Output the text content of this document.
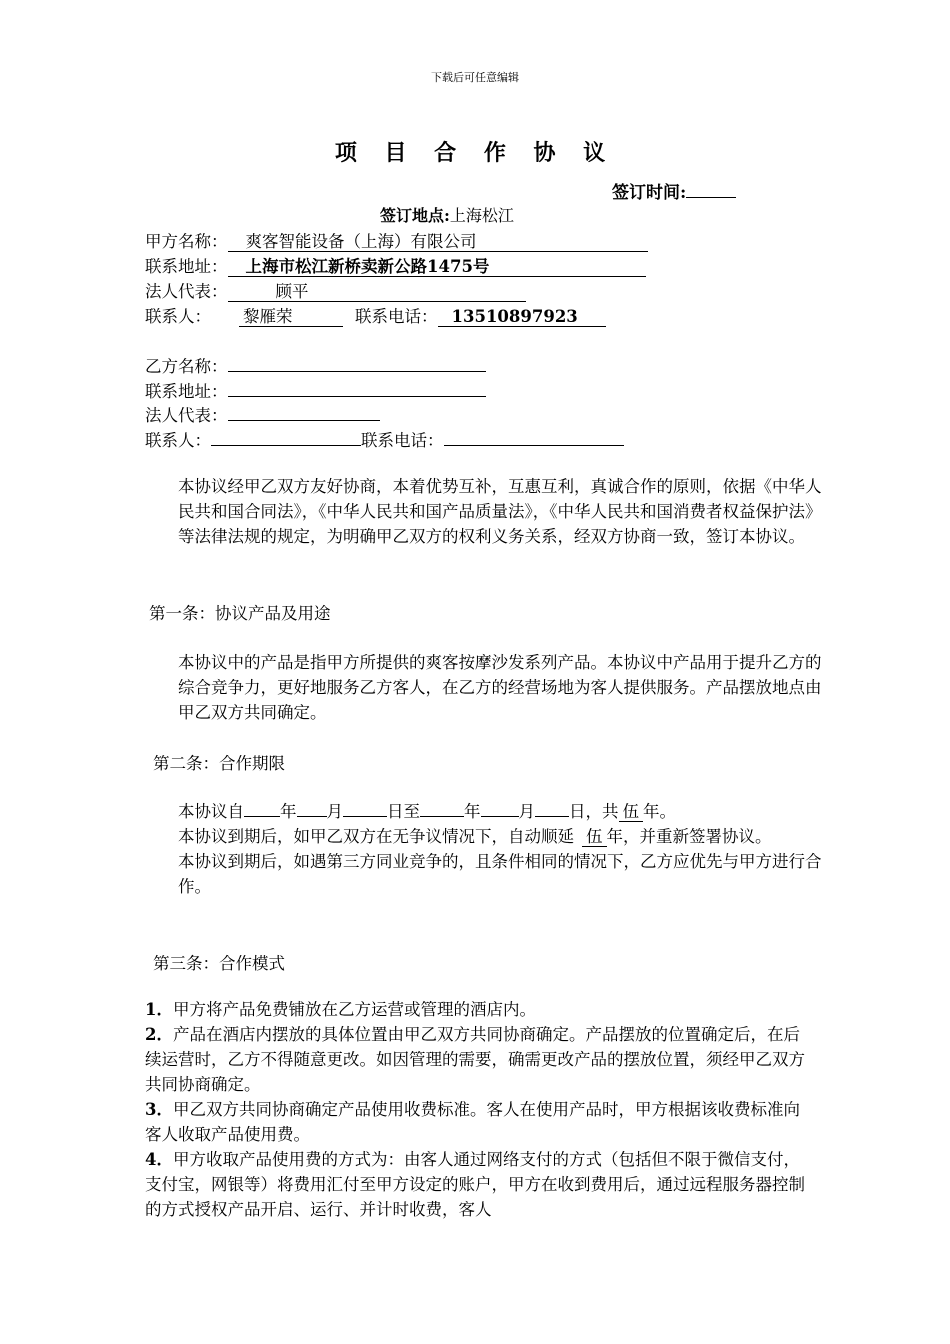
下载后可任意编辑
项 目 合 作 协 议
签订时间:
签订地点:上海松江
甲方名称： 爽客智能设备（上海）有限公司
联系地址： 上海市松江新桥卖新公路1475号
法人代表：	顾平
联系人： 黎雁荣	联系电话： 13510897923
乙方名称：
联系地址：
法人代表：
联系人：	联系电话：
本协议经甲乙双方友好协商，本着优势互补，互惠互利，真诚合作的原则，依据《中华人民共和国合同法》，《中华人民共和国产品质量法》，《中华人民共和国消费者权益保护法》等法律法规的规定，为明确甲乙双方的权利义务关系，经双方协商一致，签订本协议。
第一条：协议产品及用途
本协议中的产品是指甲方所提供的爽客按摩沙发系列产品。本协议中产品用于提升乙方的综合竞争力，更好地服务乙方客人，在乙方的经营场地为客人提供服务。产品摆放地点由甲乙双方共同确定。
第二条：合作期限
本协议自 年 月	日至	年 月 日，共 伍 年。
本协议到期后，如甲乙双方在无争议情况下，自动顺延 伍 年，并重新签署协议。
本协议到期后，如遇第三方同业竞争的，且条件相同的情况下，乙方应优先与甲方进行合作。
第三条：合作模式
1．甲方将产品免费铺放在乙方运营或管理的酒店内。
2．产品在酒店内摆放的具体位置由甲乙双方共同协商确定。产品摆放的位置确定后，在后续运营时，乙方不得随意更改。如因管理的需要，确需更改产品的摆放位置，须经甲乙双方共同协商确定。
3．甲乙双方共同协商确定产品使用收费标准。客人在使用产品时，甲方根据该收费标准向客人收取产品使用费。
4．甲方收取产品使用费的方式为：由客人通过网络支付的方式（包括但不限于微信支付，支付宝，网银等）将费用汇付至甲方设定的账户，甲方在收到费用后，通过远程服务器控制的方式授权产品开启、运行、并计时收费，客人
